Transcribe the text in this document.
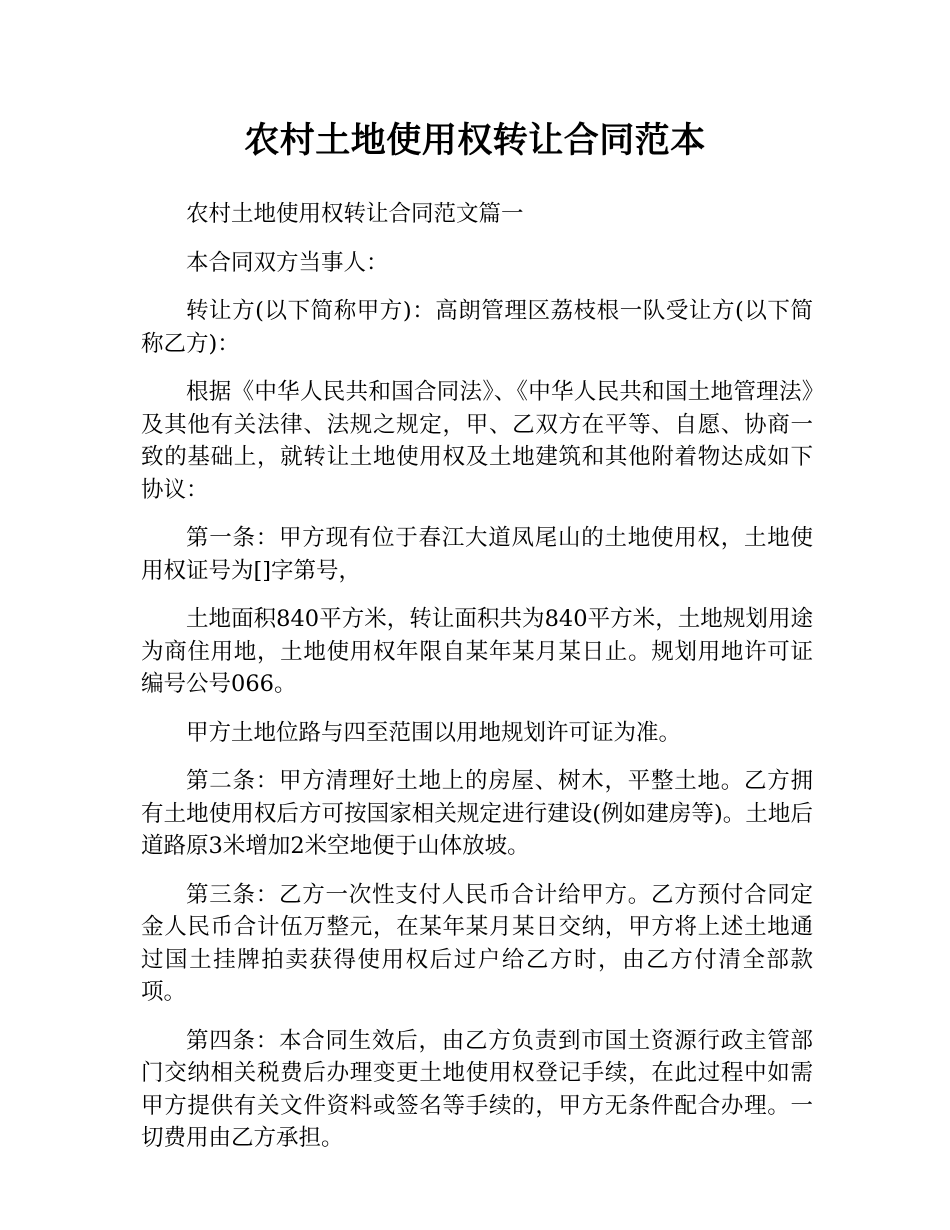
农村土地使用权转让合同范本

农村土地使用权转让合同范文篇一

本合同双方当事人：

转让方(以下简称甲方)：高朗管理区荔枝根一队受让方(以下简称乙方)：

根据《中华人民共和国合同法》、《中华人民共和国土地管理法》及其他有关法律、法规之规定，甲、乙双方在平等、自愿、协商一致的基础上，就转让土地使用权及土地建筑和其他附着物达成如下协议：

第一条：甲方现有位于春江大道凤尾山的土地使用权，土地使用权证号为[]字第号，

土地面积840平方米，转让面积共为840平方米，土地规划用途为商住用地，土地使用权年限自某年某月某日止。规划用地许可证编号公号066。

甲方土地位路与四至范围以用地规划许可证为准。

第二条：甲方清理好土地上的房屋、树木，平整土地。乙方拥有土地使用权后方可按国家相关规定进行建设(例如建房等)。土地后道路原3米增加2米空地便于山体放坡。

第三条：乙方一次性支付人民币合计给甲方。乙方预付合同定金人民币合计伍万整元，在某年某月某日交纳，甲方将上述土地通过国土挂牌拍卖获得使用权后过户给乙方时，由乙方付清全部款项。

第四条：本合同生效后，由乙方负责到市国土资源行政主管部门交纳相关税费后办理变更土地使用权登记手续，在此过程中如需甲方提供有关文件资料或签名等手续的，甲方无条件配合办理。一切费用由乙方承担。
